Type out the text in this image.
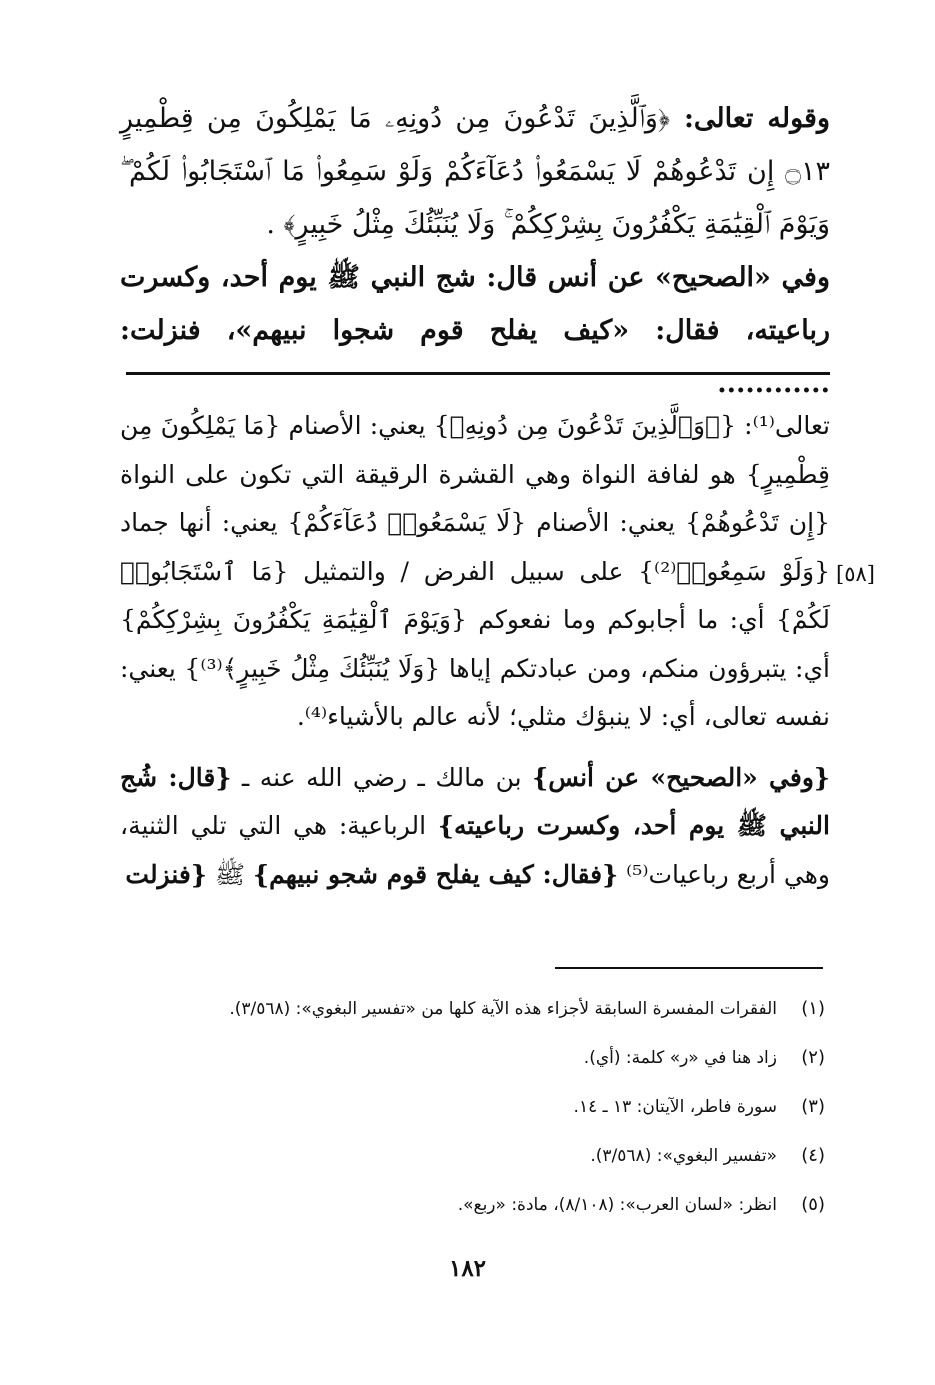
وقوله تعالى: ﴿وَٱلَّذِينَ تَدْعُونَ مِن دُونِهِۦ مَا يَمْلِكُونَ مِن قِطْمِيرٍ ۝١٣ إِن تَدْعُوهُمْ لَا يَسْمَعُوا۟ دُعَآءَكُمْ وَلَوْ سَمِعُوا۟ مَا ٱسْتَجَابُوا۟ لَكُمْ ۖ وَيَوْمَ ٱلْقِيَٰمَةِ يَكْفُرُونَ بِشِرْكِكُمْ ۚ وَلَا يُنَبِّئُكَ مِثْلُ خَبِيرٍ﴾ .

وفي «الصحيح» عن أنس قال: شج النبي ﷺ يوم أحد، وكسرت رباعيته، فقال: «كيف يفلح قوم شجوا نبيهم»، فنزلت: ............

[٥٨]

تعالى⁽¹⁾: {﴿وَٱلَّذِينَ تَدْعُونَ مِن دُونِهِۦ} يعني: الأصنام {مَا يَمْلِكُونَ مِن قِطْمِيرٍ} هو لفافة النواة وهي القشرة الرقيقة التي تكون على النواة {إِن تَدْعُوهُمْ} يعني: الأصنام {لَا يَسْمَعُوا۟ دُعَآءَكُمْ} يعني: أنها جماد {وَلَوْ سَمِعُوا۟⁽²⁾} على سبيل الفرض / والتمثيل {مَا ٱسْتَجَابُوا۟ لَكُمْ} أي: ما أجابوكم وما نفعوكم {وَيَوْمَ ٱلْقِيَٰمَةِ يَكْفُرُونَ بِشِرْكِكُمْ} أي: يتبرؤون منكم، ومن عبادتكم إياها {وَلَا يُنَبِّئُكَ مِثْلُ خَبِيرٍ﴾⁽³⁾} يعني: نفسه تعالى، أي: لا ينبؤك مثلي؛ لأنه عالم بالأشياء⁽⁴⁾.

{وفي «الصحيح» عن أنس} بن مالك ـ رضي الله عنه ـ {قال: شُج النبي ﷺ يوم أحد، وكسرت رباعيته} الرباعية: هي التي تلي الثنية، وهي أربع رباعيات⁽⁵⁾ {فقال: كيف يفلح قوم شجو نبيهم} ﷺ {فنزلت

(١)الفقرات المفسرة السابقة لأجزاء هذه الآية كلها من «تفسير البغوي»: (٣/٥٦٨).
(٢)زاد هنا في «ر» كلمة: (أي).
(٣)سورة فاطر، الآيتان: ١٣ ـ ١٤.
(٤)«تفسير البغوي»: (٣/٥٦٨).
(٥)انظر: «لسان العرب»: (٨/١٠٨)، مادة: «ربع».
١٨٢
